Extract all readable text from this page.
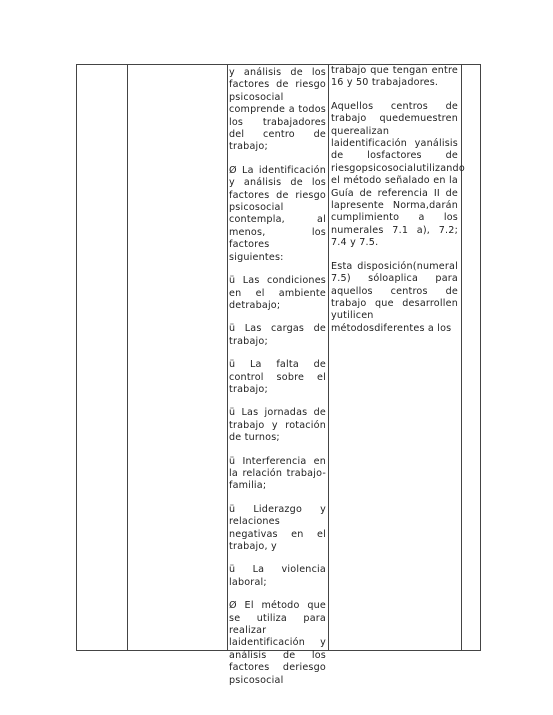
y análisis de los factores de riesgo psicosocial comprende a todos los trabajadores del centro de trabajo;

Ø La identificación y análisis de los factores de riesgo psicosocial contempla, al menos, los factores siguientes:

ü Las condiciones en el ambiente detrabajo;

ü Las cargas de trabajo;

ü La falta de control sobre el trabajo;

ü Las jornadas de trabajo y rotación de turnos;

ü Interferencia en la relación trabajo-familia;

ü Liderazgo y relaciones negativas en el trabajo, y

ü La violencia laboral;

Ø El método que se utiliza para realizar laidentificación y análisis de los factores deriesgo psicosocial

trabajo que tengan entre 16 y 50 trabajadores.

Aquellos centros de trabajo quedemuestren querealizan laidentificación yanálisis de losfactores de riesgopsicosocialutilizando el método señalado en la Guía de referencia II de lapresente Norma,darán cumplimiento a los numerales 7.1 a), 7.2; 7.4 y 7.5.

Esta disposición(numeral 7.5) sóloaplica para aquellos centros de trabajo que desarrollen yutilicen métodosdiferentes a los
